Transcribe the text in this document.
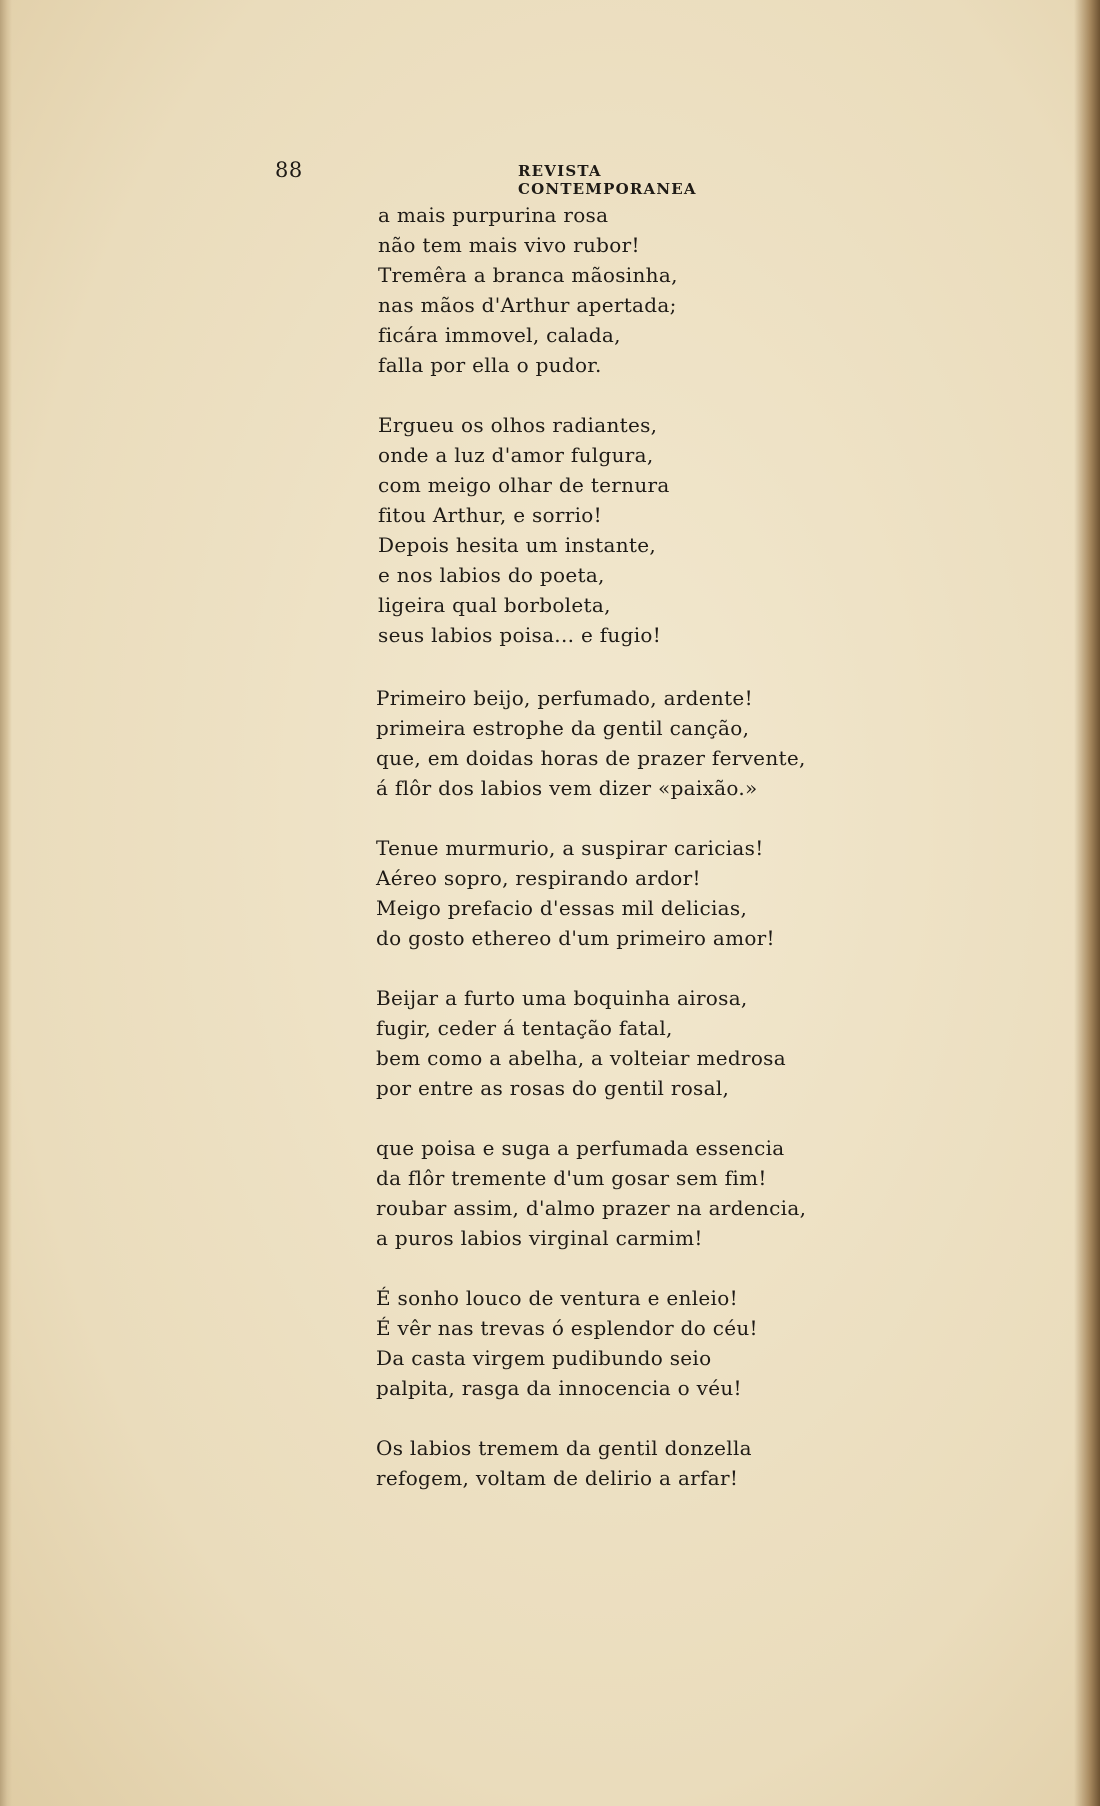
88	REVISTA CONTEMPORANEA
a mais purpurina rosa
não tem mais vivo rubor!
Tremêra a branca mãosinha,
nas mãos d'Arthur apertada;
ficára immovel, calada,
falla por ella o pudor.
Ergueu os olhos radiantes,
onde a luz d'amor fulgura,
com meigo olhar de ternura
fitou Arthur, e sorrio!
Depois hesita um instante,
e nos labios do poeta,
ligeira qual borboleta,
seus labios poisa... e fugio!
Primeiro beijo, perfumado, ardente!
primeira estrophe da gentil canção,
que, em doidas horas de prazer fervente,
á flôr dos labios vem dizer «paixão.»
Tenue murmurio, a suspirar caricias!
Aéreo sopro, respirando ardor!
Meigo prefacio d'essas mil delicias,
do gosto ethereo d'um primeiro amor!
Beijar a furto uma boquinha airosa,
fugir, ceder á tentação fatal,
bem como a abelha, a volteiar medrosa
por entre as rosas do gentil rosal,
que poisa e suga a perfumada essencia
da flôr tremente d'um gosar sem fim!
roubar assim, d'almo prazer na ardencia,
a puros labios virginal carmim!
É sonho louco de ventura e enleio!
É vêr nas trevas ó esplendor do céu!
Da casta virgem pudibundo seio
palpita, rasga da innocencia o véu!
Os labios tremem da gentil donzella
refogem, voltam de delirio a arfar!
